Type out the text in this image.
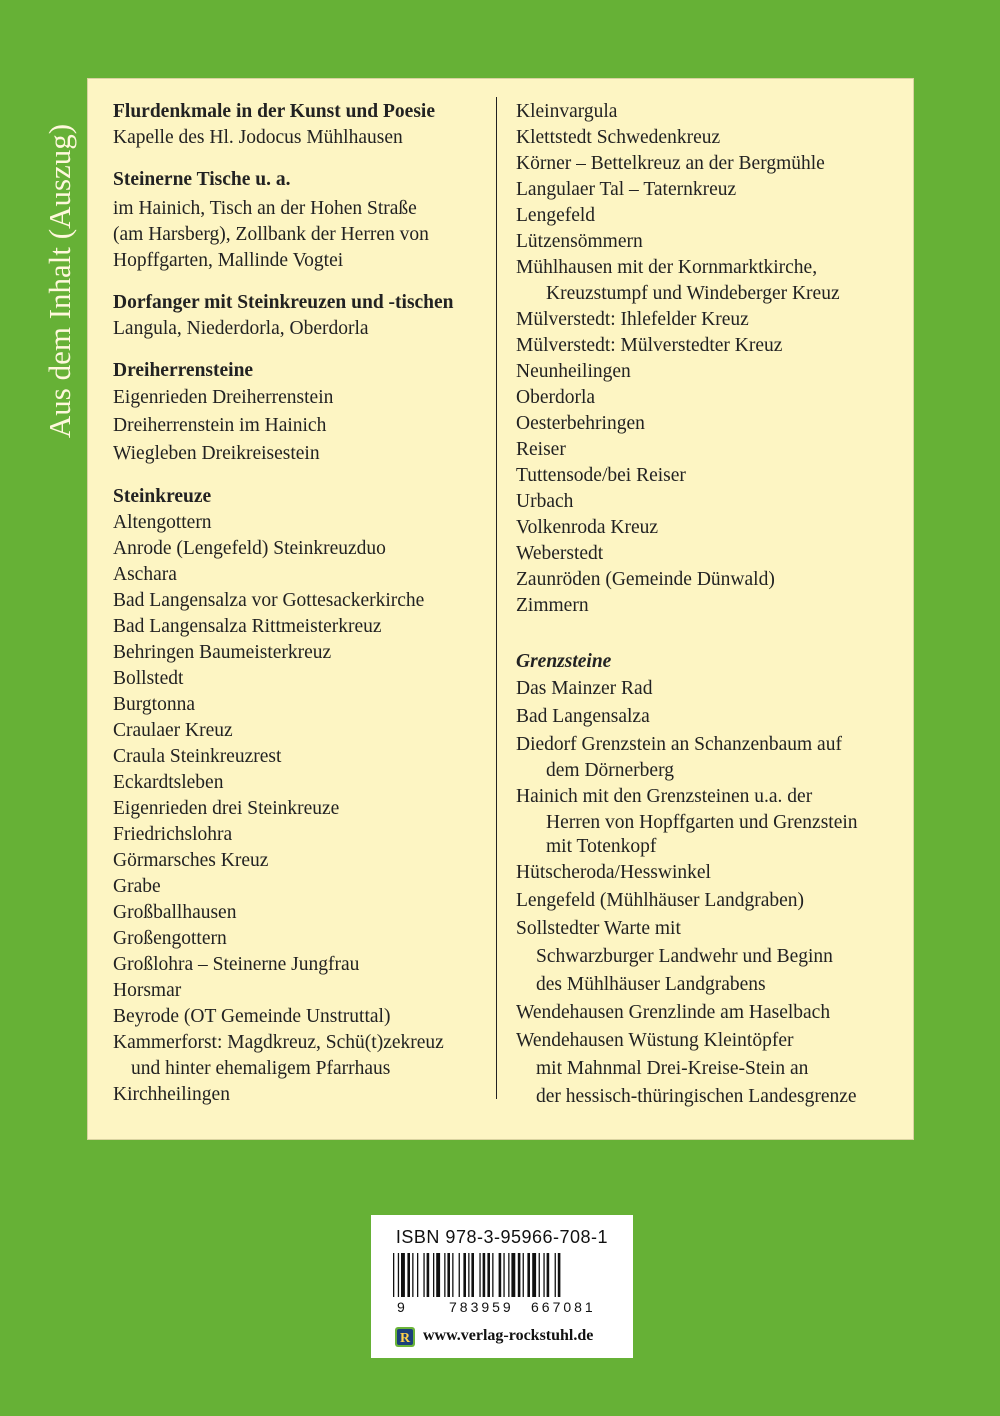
Aus dem Inhalt (Auszug)
Flurdenkmale in der Kunst und Poesie
Kapelle des Hl. Jodocus Mühlhausen
Steinerne Tische u. a.
im Hainich, Tisch an der Hohen Straße
(am Harsberg), Zollbank der Herren von
Hopffgarten, Mallinde Vogtei
Dorfanger mit Steinkreuzen und -tischen
Langula, Niederdorla, Oberdorla
Dreiherrensteine
Eigenrieden Dreiherrenstein
Dreiherrenstein im Hainich
Wiegleben Dreikreisestein
Steinkreuze
Altengottern
Anrode (Lengefeld) Steinkreuzduo
Aschara
Bad Langensalza vor Gottesackerkirche
Bad Langensalza Rittmeisterkreuz
Behringen Baumeisterkreuz
Bollstedt
Burgtonna
Craulaer Kreuz
Craula Steinkreuzrest
Eckardtsleben
Eigenrieden drei Steinkreuze
Friedrichslohra
Görmarsches Kreuz
Grabe
Großballhausen
Großengottern
Großlohra – Steinerne Jungfrau
Horsmar
Beyrode (OT Gemeinde Unstruttal)
Kammerforst: Magdkreuz, Schü(t)zekreuz
und hinter ehemaligem Pfarrhaus
Kirchheilingen
Kleinvargula
Klettstedt Schwedenkreuz
Körner – Bettelkreuz an der Bergmühle
Langulaer Tal – Taternkreuz
Lengefeld
Lützensömmern
Mühlhausen mit der Kornmarktkirche,
Kreuzstumpf und Windeberger Kreuz
Mülverstedt: Ihlefelder Kreuz
Mülverstedt: Mülverstedter Kreuz
Neunheilingen
Oberdorla
Oesterbehringen
Reiser
Tuttensode/bei Reiser
Urbach
Volkenroda Kreuz
Weberstedt
Zaunröden (Gemeinde Dünwald)
Zimmern
Grenzsteine
Das Mainzer Rad
Bad Langensalza
Diedorf Grenzstein an Schanzenbaum auf
dem Dörnerberg
Hainich mit den Grenzsteinen u.a. der
Herren von Hopffgarten und Grenzstein
mit Totenkopf
Hütscheroda/Hesswinkel
Lengefeld (Mühlhäuser Landgraben)
Sollstedter Warte mit
Schwarzburger Landwehr und Beginn
des Mühlhäuser Landgrabens
Wendehausen Grenzlinde am Haselbach
Wendehausen Wüstung Kleintöpfer
mit Mahnmal Drei-Kreise-Stein an
der hessisch-thüringischen Landesgrenze
ISBN 978-3-95966-708-1
9	783959 667081
R www.verlag-rockstuhl.de
